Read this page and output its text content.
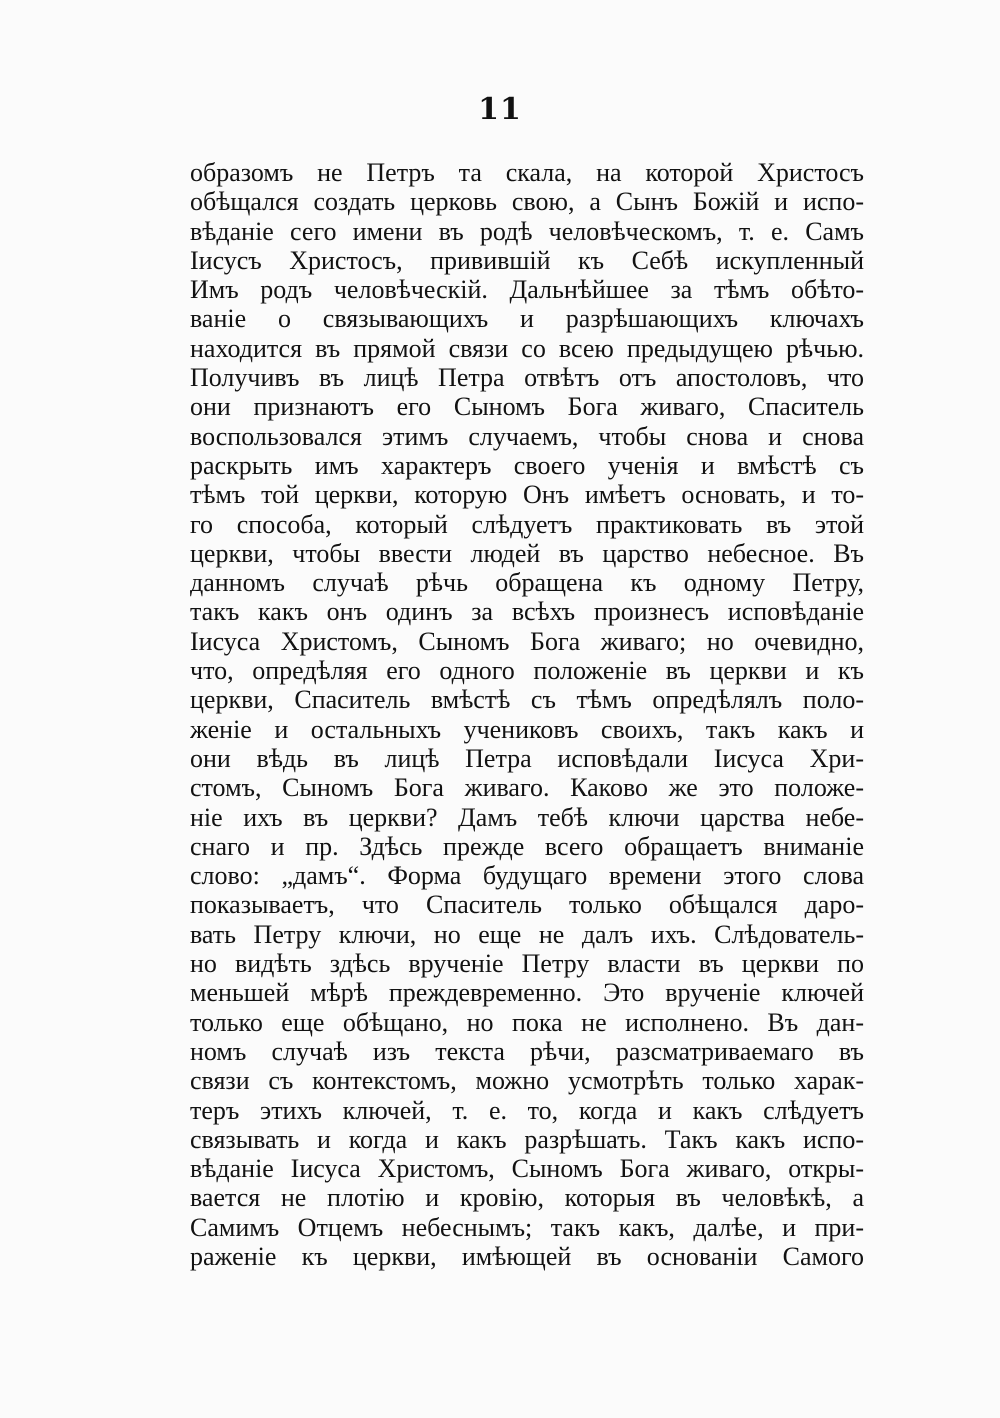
11
образомъ не Петръ та скала, на которой Христосъ
обѣщался создать церковь свою, а Сынъ Божій и испо-
вѣданіе сего имени въ родѣ человѣческомъ, т. е. Самъ
Іисусъ Христосъ, привившій къ Себѣ искупленный
Имъ родъ человѣческій. Дальнѣйшее за тѣмъ обѣто-
ваніе о связывающихъ и разрѣшающихъ ключахъ
находится въ прямой связи со всею предыдущею рѣчью.
Получивъ въ лицѣ Петра отвѣтъ отъ апостоловъ, что
они признаютъ его Сыномъ Бога живаго, Спаситель
воспользовался этимъ случаемъ, чтобы снова и снова
раскрыть имъ характеръ своего ученія и вмѣстѣ съ
тѣмъ той церкви, которую Онъ имѣетъ основать, и то-
го способа, который слѣдуетъ практиковать въ этой
церкви, чтобы ввести людей въ царство небесное. Въ
данномъ случаѣ рѣчь обращена къ одному Петру,
такъ какъ онъ одинъ за всѣхъ произнесъ исповѣданіе
Іисуса Христомъ, Сыномъ Бога живаго; но очевидно,
что, опредѣляя его одного положеніе въ церкви и къ
церкви, Спаситель вмѣстѣ съ тѣмъ опредѣлялъ поло-
женіе и остальныхъ учениковъ своихъ, такъ какъ и
они вѣдь въ лицѣ Петра исповѣдали Іисуса Хри-
стомъ, Сыномъ Бога живаго. Каково же это положе-
ніе ихъ въ церкви? Дамъ тебѣ ключи царства небе-
снаго и пр. Здѣсь прежде всего обращаетъ вниманіе
слово: „дамъ“. Форма будущаго времени этого слова
показываетъ, что Спаситель только обѣщался даро-
вать Петру ключи, но еще не далъ ихъ. Слѣдователь-
но видѣть здѣсь врученіе Петру власти въ церкви по
меньшей мѣрѣ преждевременно. Это врученіе ключей
только еще обѣщано, но пока не исполнено. Въ дан-
номъ случаѣ изъ текста рѣчи, разсматриваемаго въ
связи съ контекстомъ, можно усмотрѣть только харак-
теръ этихъ ключей, т. е. то, когда и какъ слѣдуетъ
связывать и когда и какъ разрѣшать. Такъ какъ испо-
вѣданіе Іисуса Христомъ, Сыномъ Бога живаго, откры-
вается не плотію и кровію, которыя въ человѣкѣ, а
Самимъ Отцемъ небеснымъ; такъ какъ, далѣе, и при-
раженіе къ церкви, имѣющей въ основаніи Самого
